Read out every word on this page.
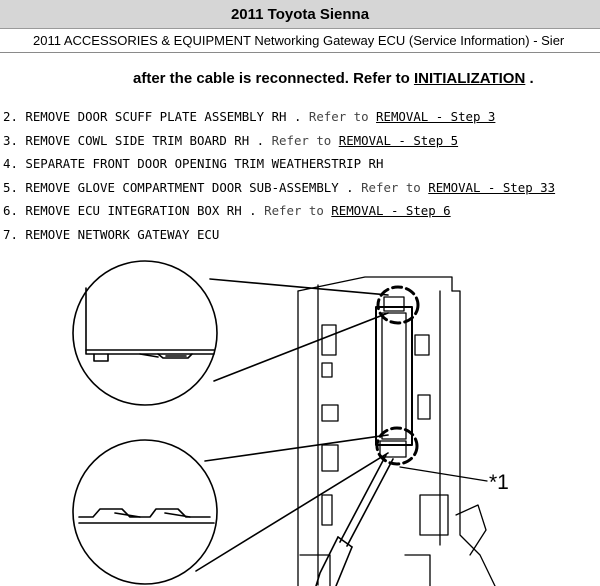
2011 Toyota Sienna
2011 ACCESSORIES & EQUIPMENT Networking Gateway ECU (Service Information) - Sier
after the cable is reconnected. Refer to INITIALIZATION .
2. REMOVE DOOR SCUFF PLATE ASSEMBLY RH . Refer to REMOVAL - Step 3
3. REMOVE COWL SIDE TRIM BOARD RH . Refer to REMOVAL - Step 5
4. SEPARATE FRONT DOOR OPENING TRIM WEATHERSTRIP RH
5. REMOVE GLOVE COMPARTMENT DOOR SUB-ASSEMBLY . Refer to REMOVAL - Step 33
6. REMOVE ECU INTEGRATION BOX RH . Refer to REMOVAL - Step 6
7. REMOVE NETWORK GATEWAY ECU
*1
